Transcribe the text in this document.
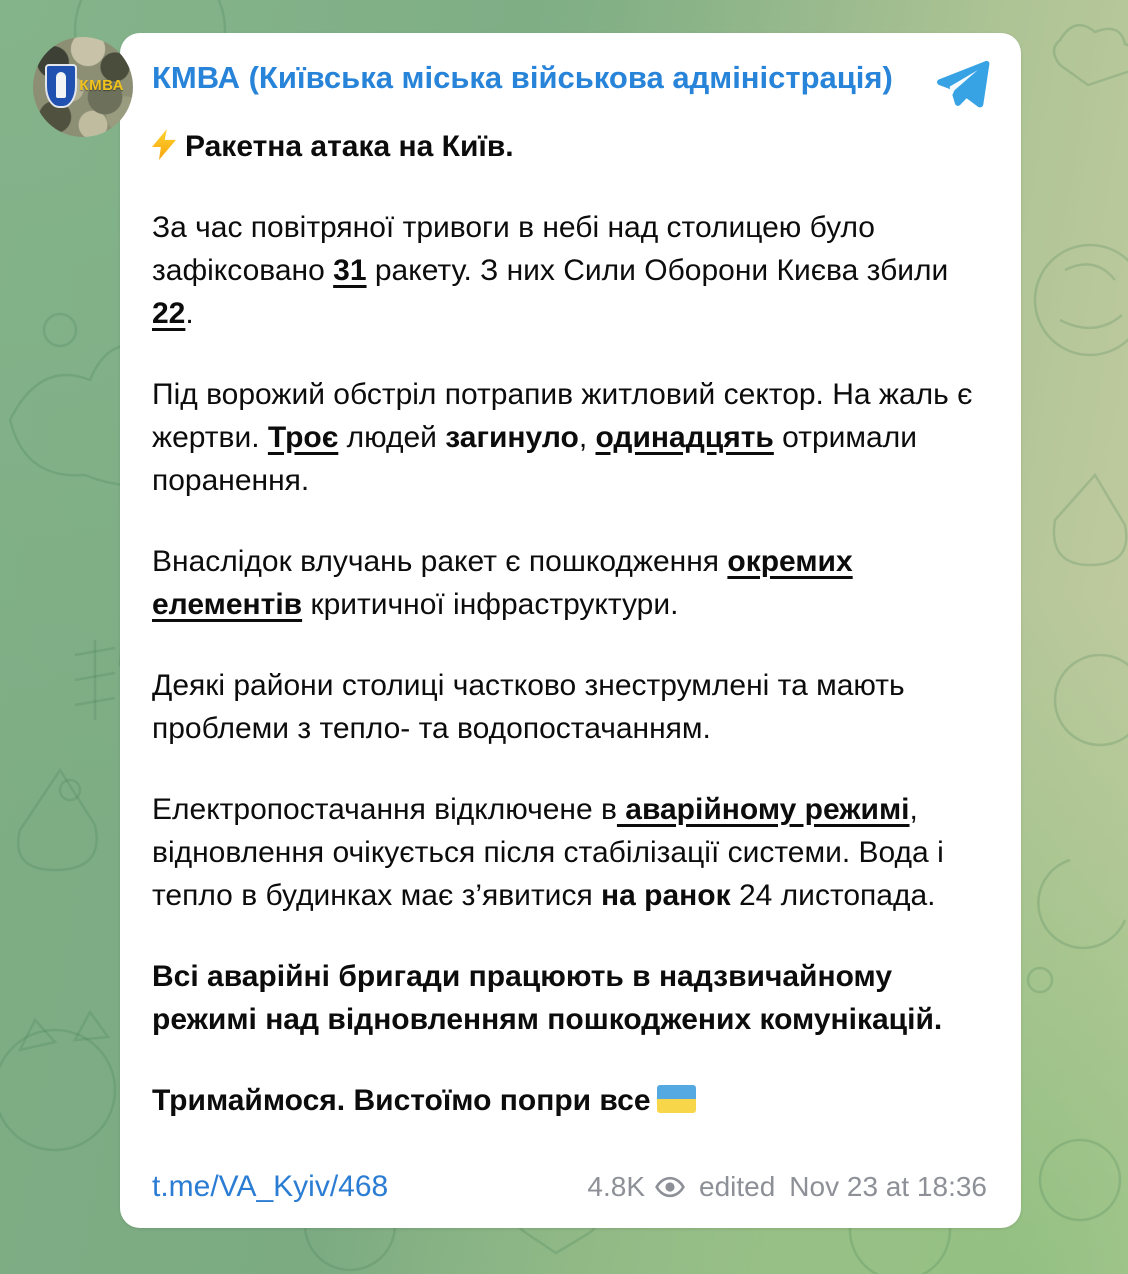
КМВА КМВА (Київська міська військова адміністрація)

Ракетна атака на Київ.

За час повітряної тривоги в небі над столицею було зафіксовано 31 ракету. З них Сили Оборони Києва збили 22.

Під ворожий обстріл потрапив житловий сектор. На жаль є жертви. Троє людей загинуло, одинадцять отримали поранення.

Внаслідок влучань ракет є пошкодження окремих елементів критичної інфраструктури.

Деякі райони столиці частково знеструмлені та мають проблеми з тепло- та водопостачанням.

Електропостачання відключене в аварійному режимі, відновлення очікується після стабілізації системи. Вода і тепло в будинках має з’явитися на ранок 24 листопада.

Всі аварійні бригади працюють в надзвичайному режимі над відновленням пошкоджених комунікацій.

Тримаймося. Вистоїмо попри все

t.me/VA_Kyiv/468	4.8K edited Nov 23 at 18:36
